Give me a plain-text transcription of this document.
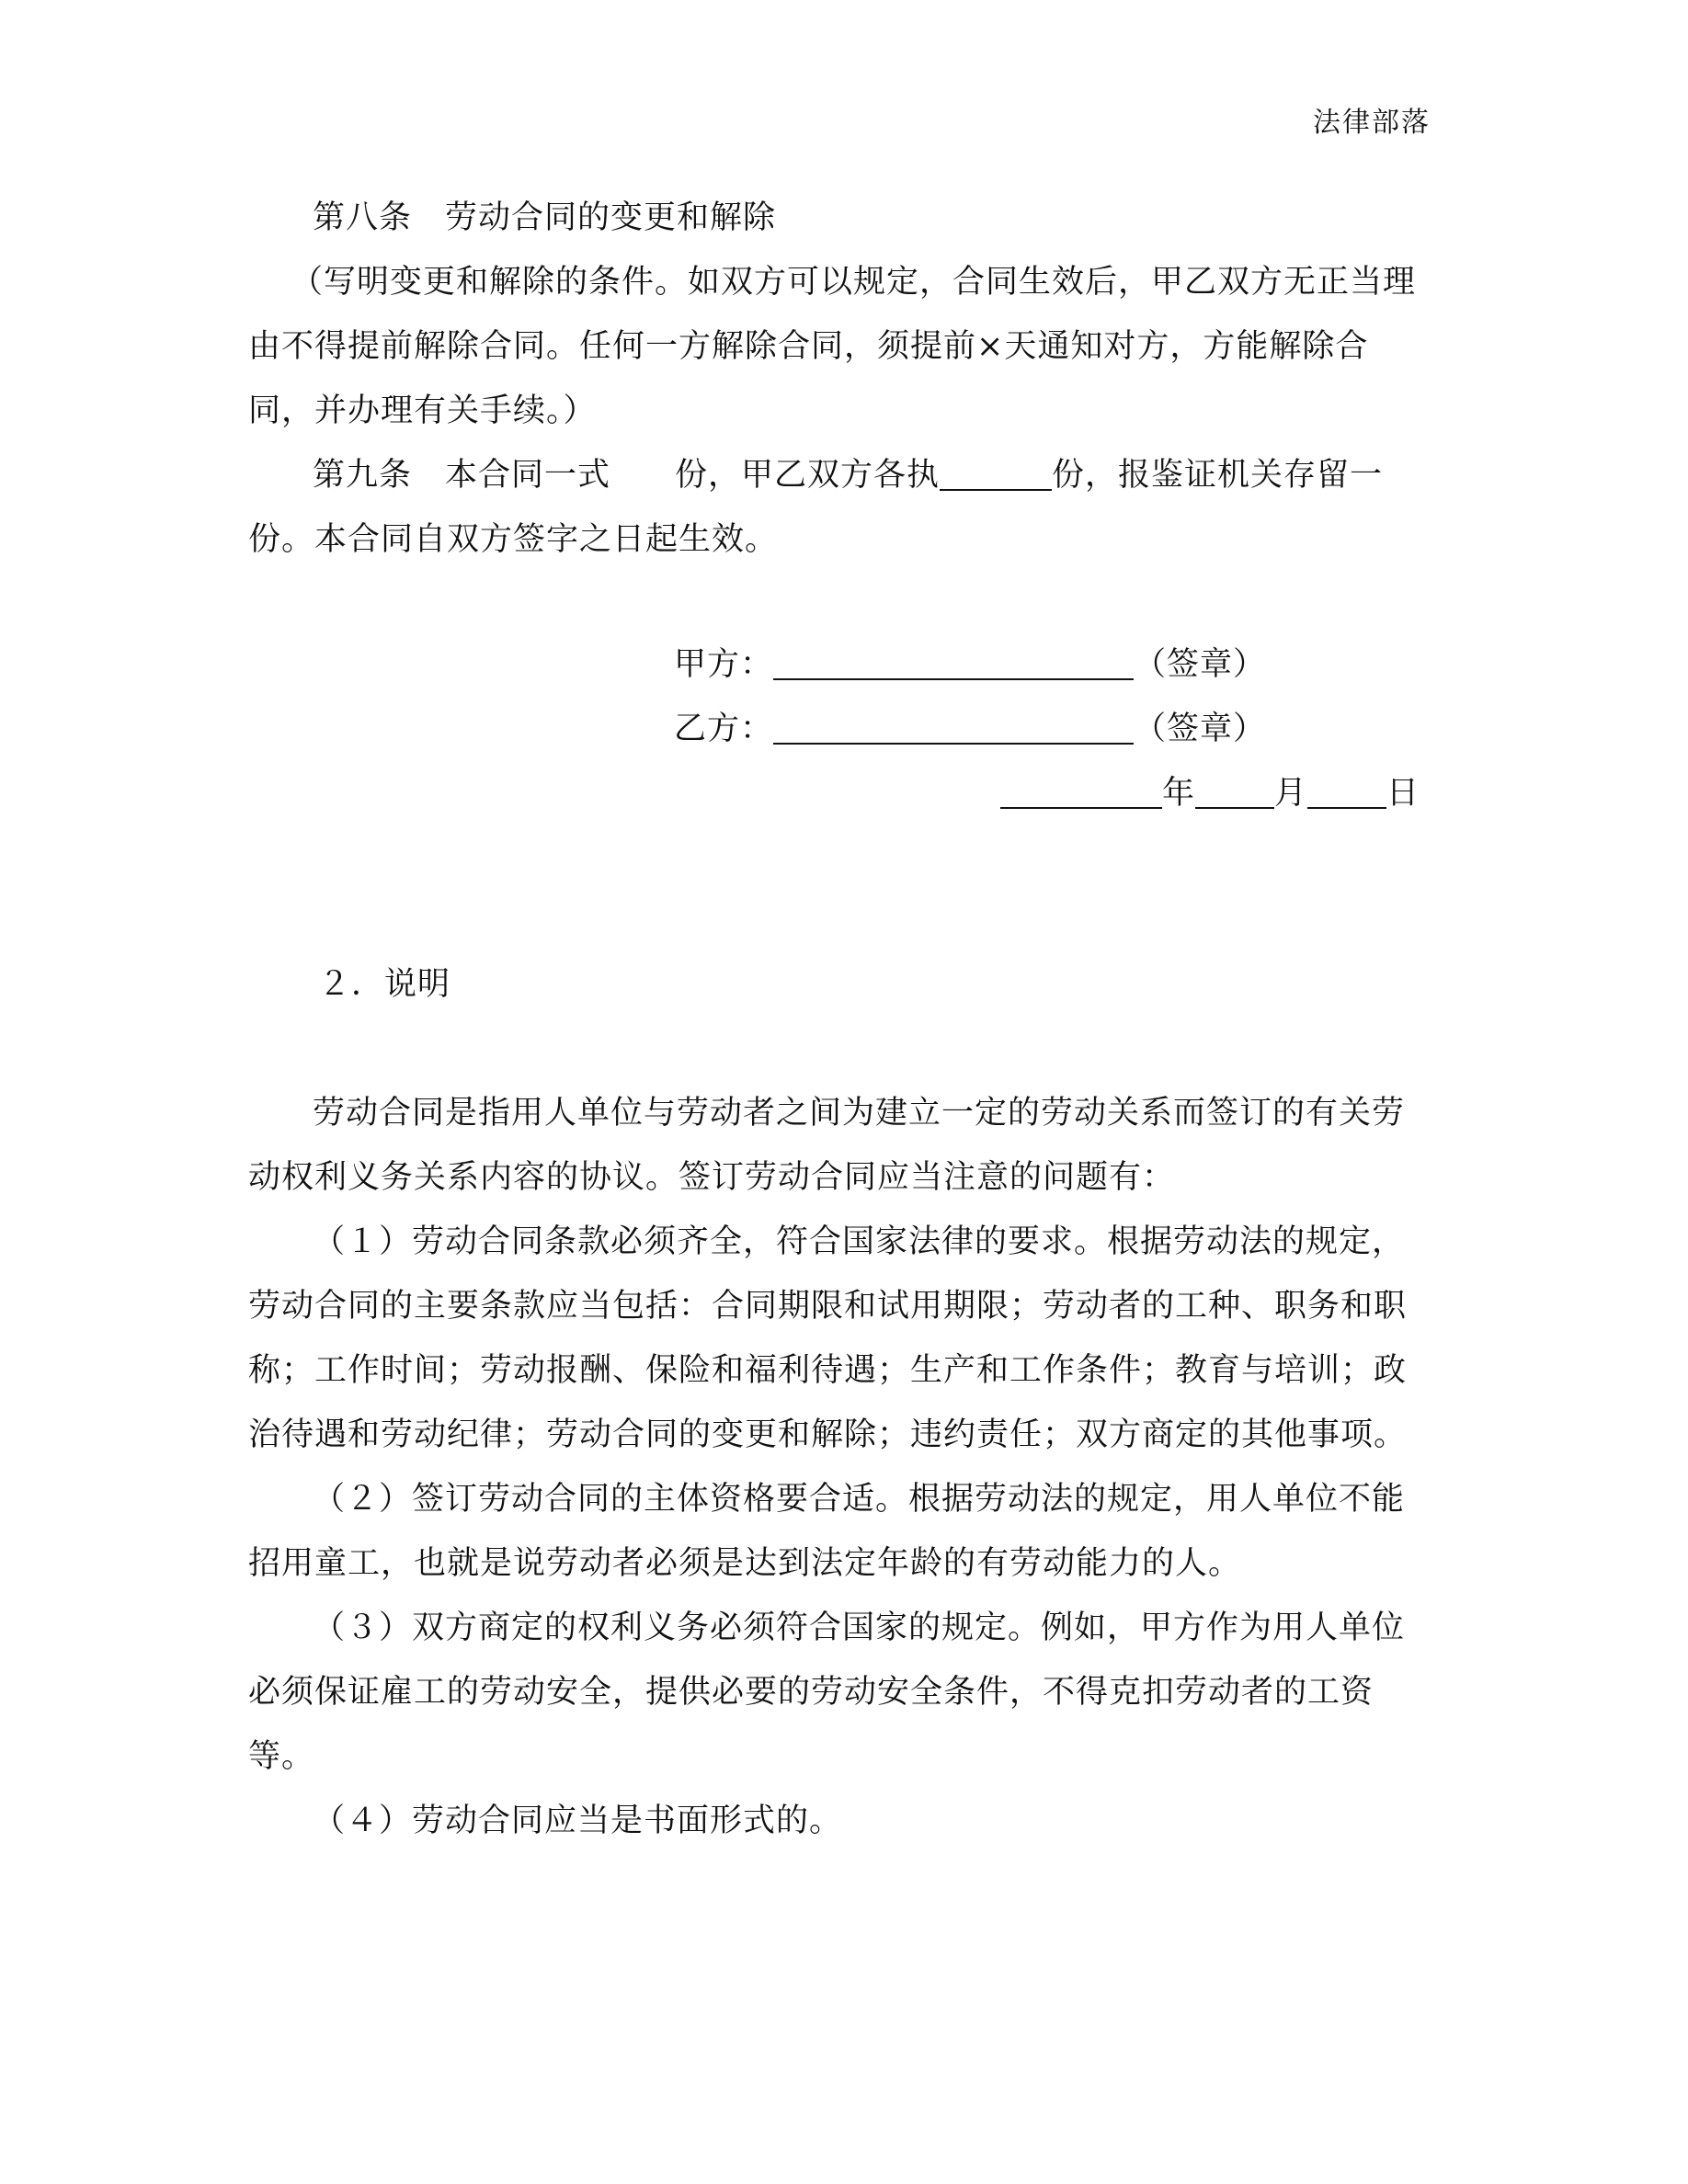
法律部落

第八条　劳动合同的变更和解除

（写明变更和解除的条件。如双方可以规定，合同生效后，甲乙双方无正当理由不得提前解除合同。任何一方解除合同，须提前×天通知对方，方能解除合同，并办理有关手续。）

第九条　本合同一式 份，甲乙双方各执	份，报鉴证机关存留一份。本合同自双方签字之日起生效。

甲方：	（签章）
乙方：	（签章）
年 月 日

２．说明

劳动合同是指用人单位与劳动者之间为建立一定的劳动关系而签订的有关劳动权利义务关系内容的协议。签订劳动合同应当注意的问题有：

（１）劳动合同条款必须齐全，符合国家法律的要求。根据劳动法的规定，劳动合同的主要条款应当包括：合同期限和试用期限；劳动者的工种、职务和职称；工作时间；劳动报酬、保险和福利待遇；生产和工作条件；教育与培训；政治待遇和劳动纪律；劳动合同的变更和解除；违约责任；双方商定的其他事项。

（２）签订劳动合同的主体资格要合适。根据劳动法的规定，用人单位不能招用童工，也就是说劳动者必须是达到法定年龄的有劳动能力的人。

（３）双方商定的权利义务必须符合国家的规定。例如，甲方作为用人单位必须保证雇工的劳动安全，提供必要的劳动安全条件，不得克扣劳动者的工资等。

（４）劳动合同应当是书面形式的。
